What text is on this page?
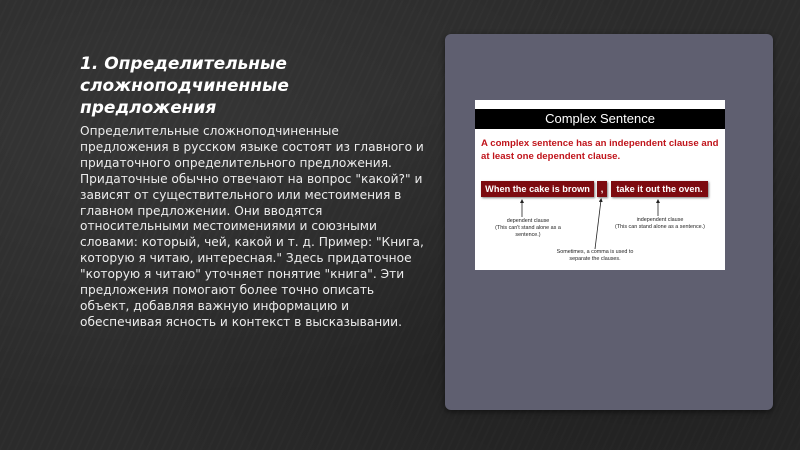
1. Определительные сложноподчиненные предложения

Определительные сложноподчиненные предложения в русском языке состоят из главного и придаточного определительного предложения. Придаточные обычно отвечают на вопрос "какой?" и зависят от существительного или местоимения в главном предложении. Они вводятся относительными местоимениями и союзными словами: который, чей, какой и т. д. Пример: "Книга, которую я читаю, интересная." Здесь придаточное "которую я читаю" уточняет понятие "книга". Эти предложения помогают более точно описать объект, добавляя важную информацию и обеспечивая ясность и контекст в высказывании.

Complex Sentence
A complex sentence has an independent clause and at least one dependent clause.
When the cake is brown	,	take it out the oven.
dependent clause
(This can't stand alone as a sentence.)
independent clause
(This can stand alone as a sentence.)
Sometimes, a comma is used to
separate the clauses.
